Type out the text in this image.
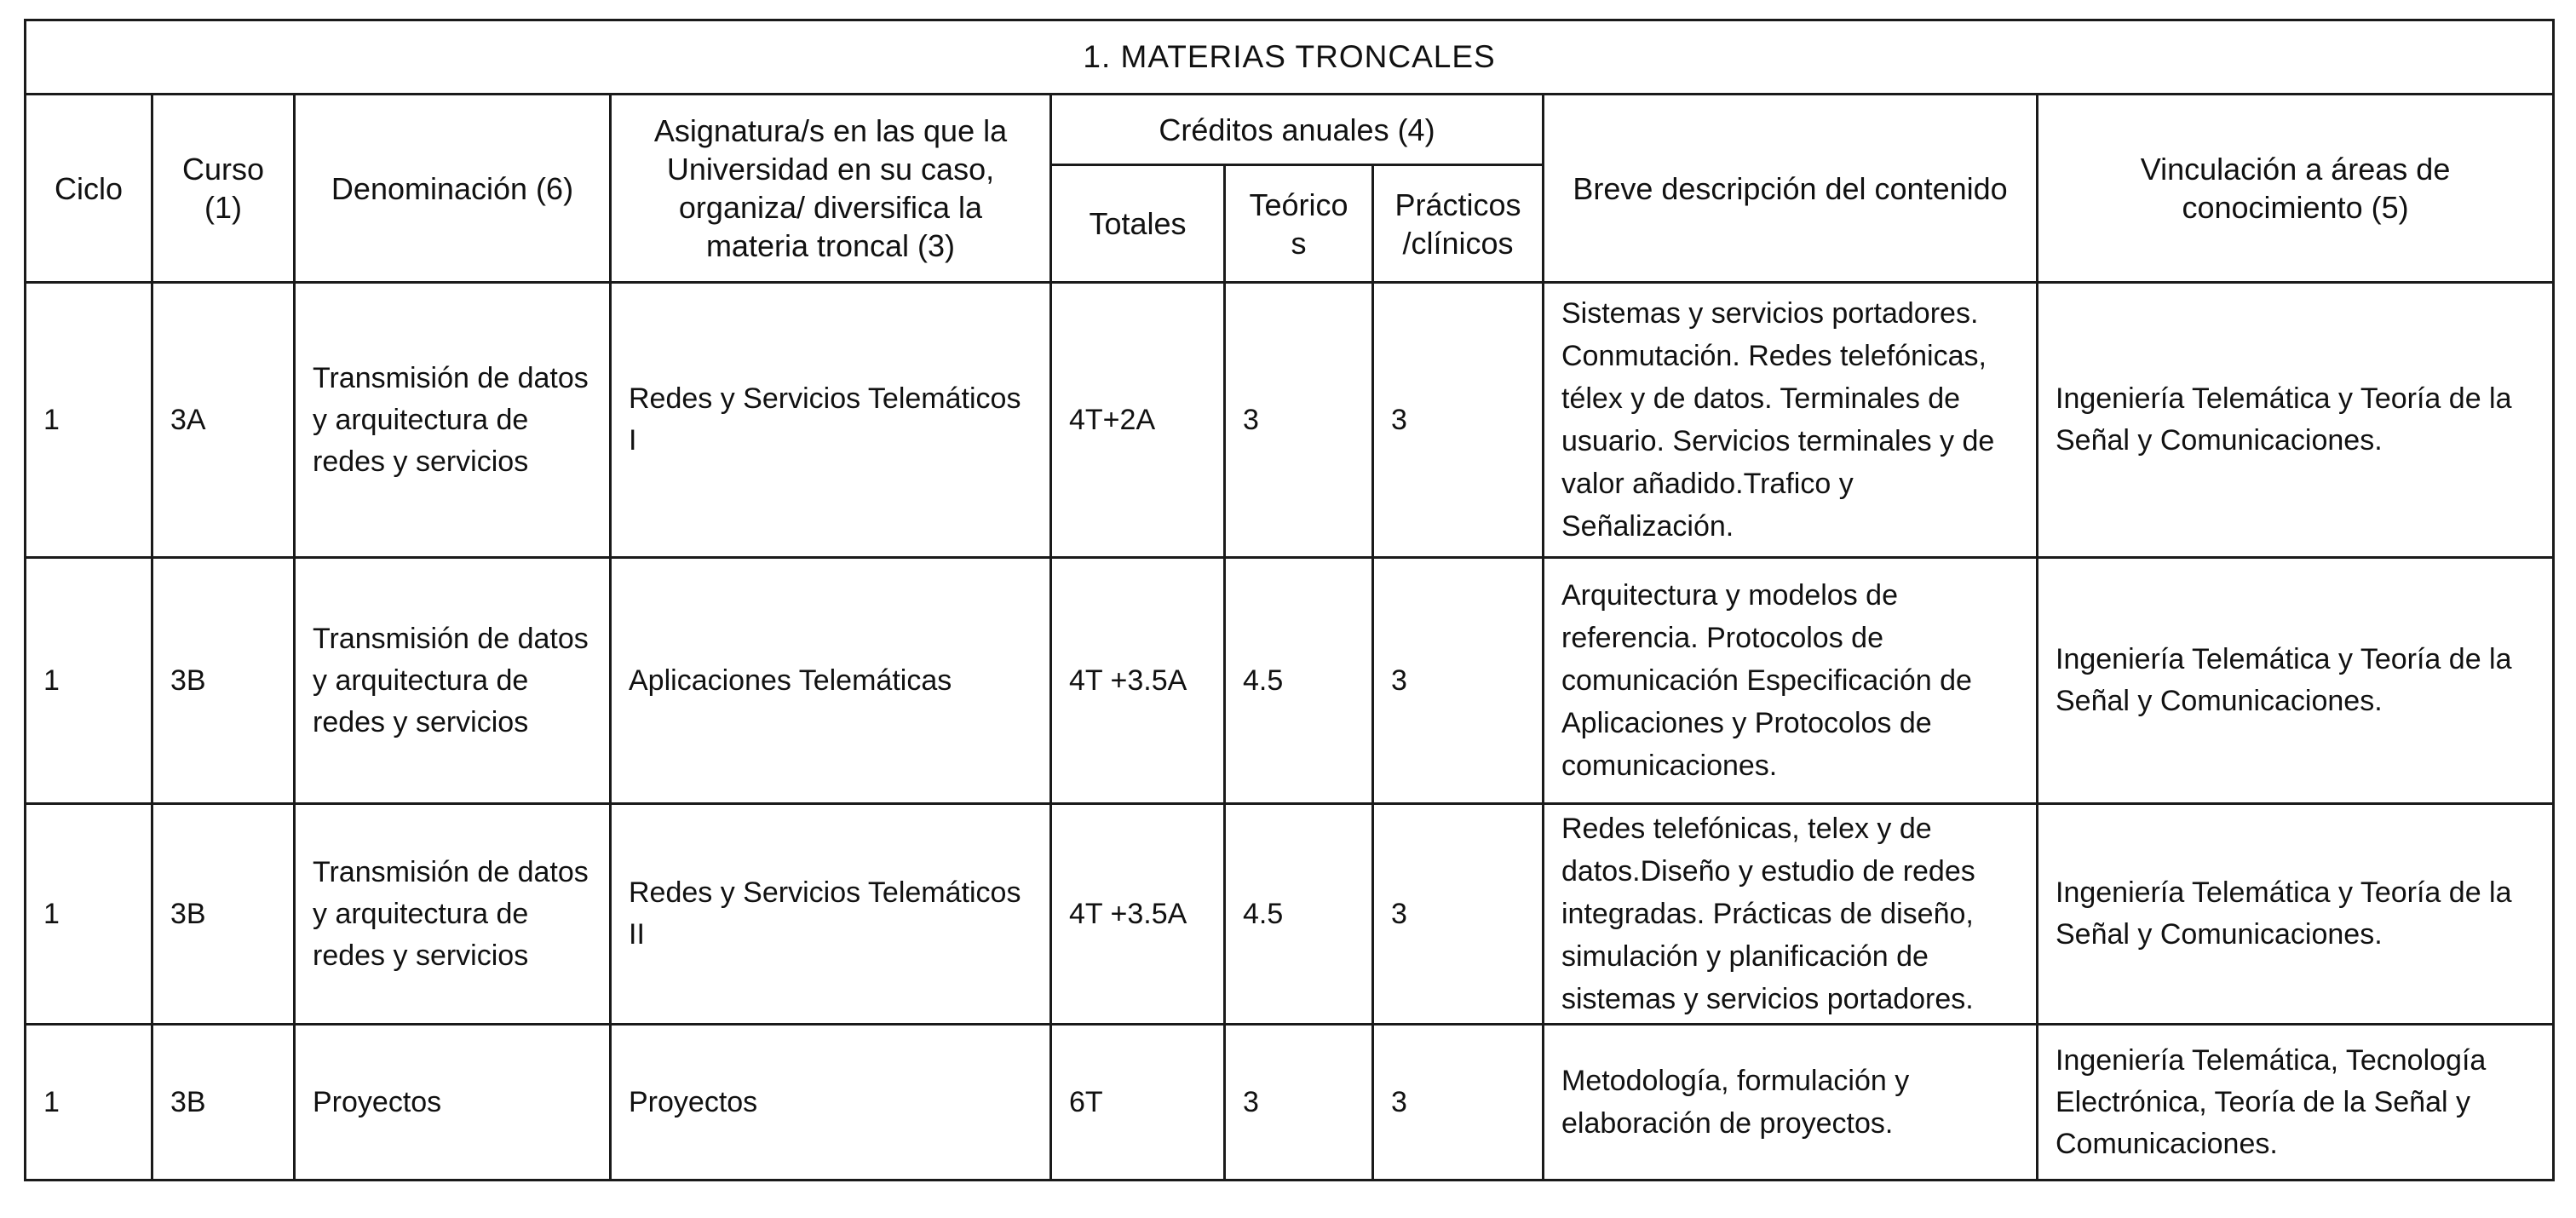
1. MATERIAS TRONCALES								
Ciclo	Curso (1)	Denominación (6)	Asignatura/s en las que la Universidad en su caso, organiza/ diversifica la materia troncal (3)	Créditos anuales (4)			Breve descripción del contenido	Vinculación a áreas de conocimiento (5)
				Totales	Teórico s	Prácticos /clínicos		
1	3A	Transmisión de datos y arquitectura de redes y servicios	Redes y Servicios Telemáticos I	4T+2A	3	3	Sistemas y servicios portadores. Conmutación. Redes telefónicas, télex y de datos. Terminales de usuario. Servicios terminales y de valor añadido.Trafico y Señalización.	Ingeniería Telemática y Teoría de la Señal y Comunicaciones.
1	3B	Transmisión de datos y arquitectura de redes y servicios	Aplicaciones Telemáticas	4T +3.5A	4.5	3	Arquitectura y modelos de referencia. Protocolos de comunicación Especificación de Aplicaciones y Protocolos de comunicaciones.	Ingeniería Telemática y Teoría de la Señal y Comunicaciones.
1	3B	Transmisión de datos y arquitectura de redes y servicios	Redes y Servicios Telemáticos II	4T +3.5A	4.5	3	Redes telefónicas, telex y de datos.Diseño y estudio de redes integradas. Prácticas de diseño, simulación y planificación de sistemas y servicios portadores.	Ingeniería Telemática y Teoría de la Señal y Comunicaciones.
1	3B	Proyectos	Proyectos	6T	3	3	Metodología, formulación y elaboración de proyectos.	Ingeniería Telemática, Tecnología Electrónica, Teoría de la Señal y Comunicaciones.
